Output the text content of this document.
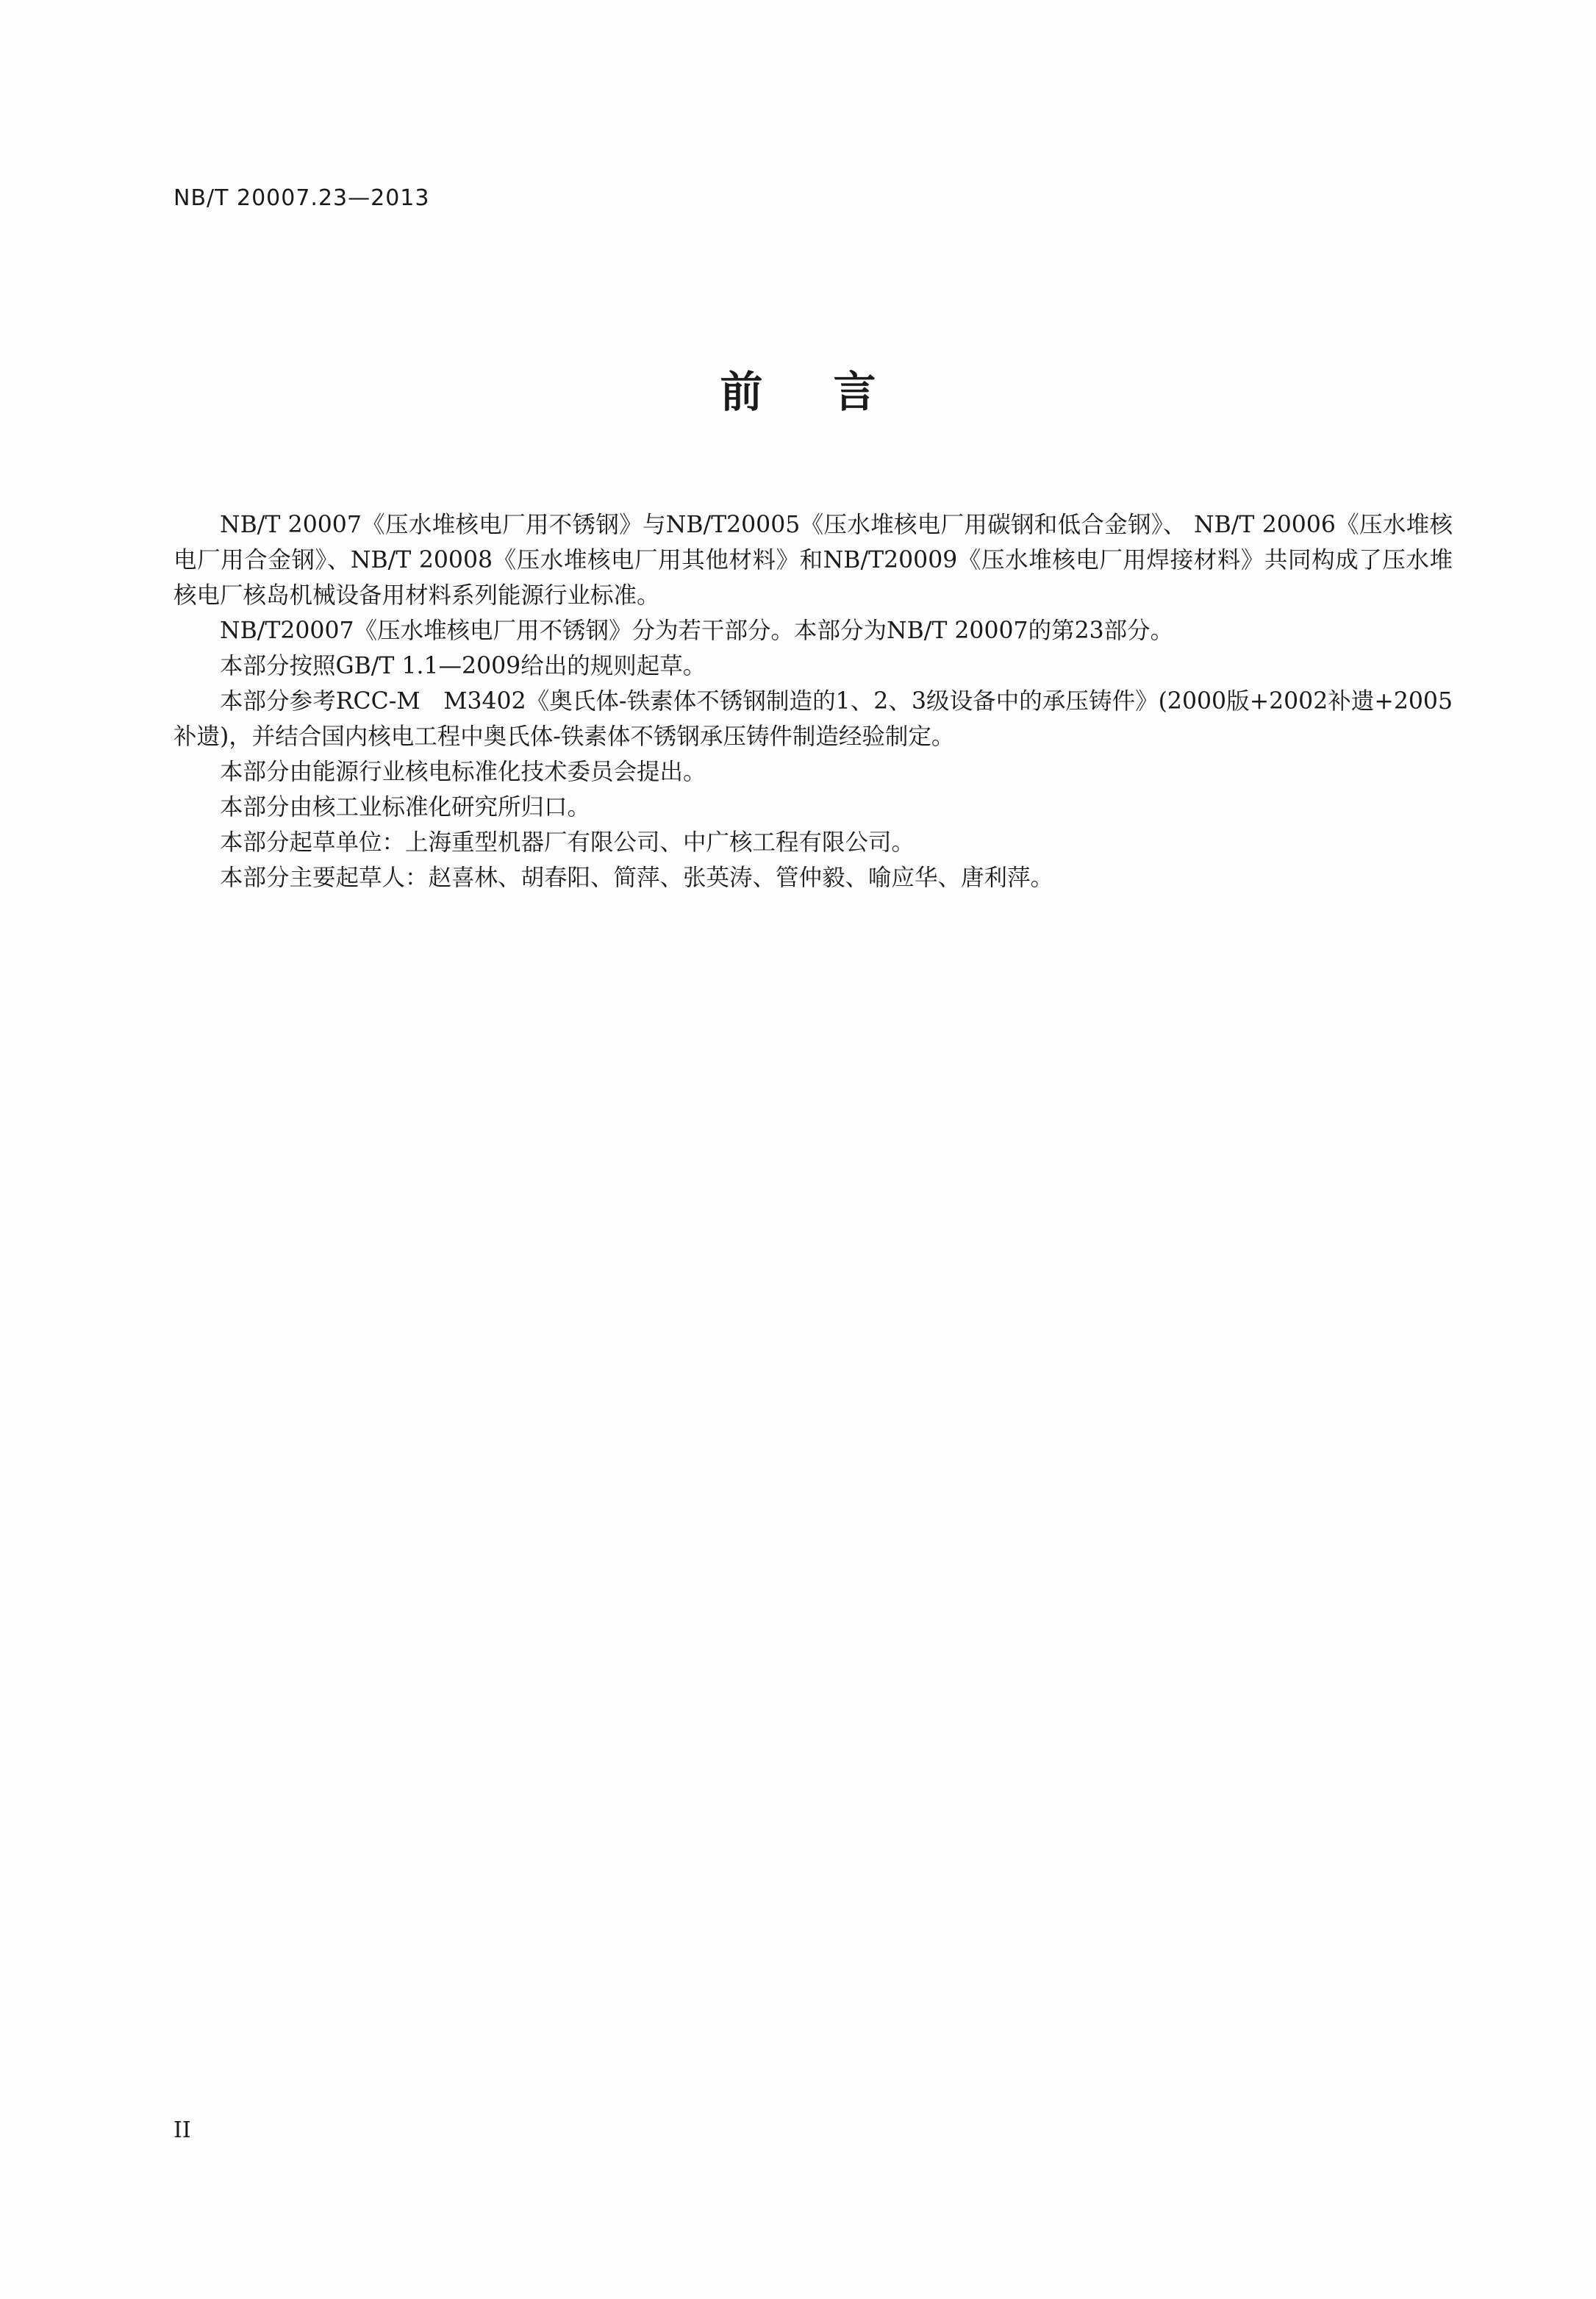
NB/T 20007.23—2013
前言

NB/T 20007《压水堆核电厂用不锈钢》与NB/T20005《压水堆核电厂用碳钢和低合金钢》、 NB/T 20006《压水堆核电厂用合金钢》、NB/T 20008《压水堆核电厂用其他材料》和NB/T20009《压水堆核电厂用焊接材料》共同构成了压水堆核电厂核岛机械设备用材料系列能源行业标准。

NB/T20007《压水堆核电厂用不锈钢》分为若干部分。本部分为NB/T 20007的第23部分。

本部分按照GB/T 1.1—2009给出的规则起草。

本部分参考RCC-M　M3402《奥氏体-铁素体不锈钢制造的1、2、3级设备中的承压铸件》(2000版+2002补遗+2005补遗)，并结合国内核电工程中奥氏体-铁素体不锈钢承压铸件制造经验制定。

本部分由能源行业核电标准化技术委员会提出。

本部分由核工业标准化研究所归口。

本部分起草单位：上海重型机器厂有限公司、中广核工程有限公司。

本部分主要起草人：赵喜林、胡春阳、简萍、张英涛、管仲毅、喻应华、唐利萍。

II
